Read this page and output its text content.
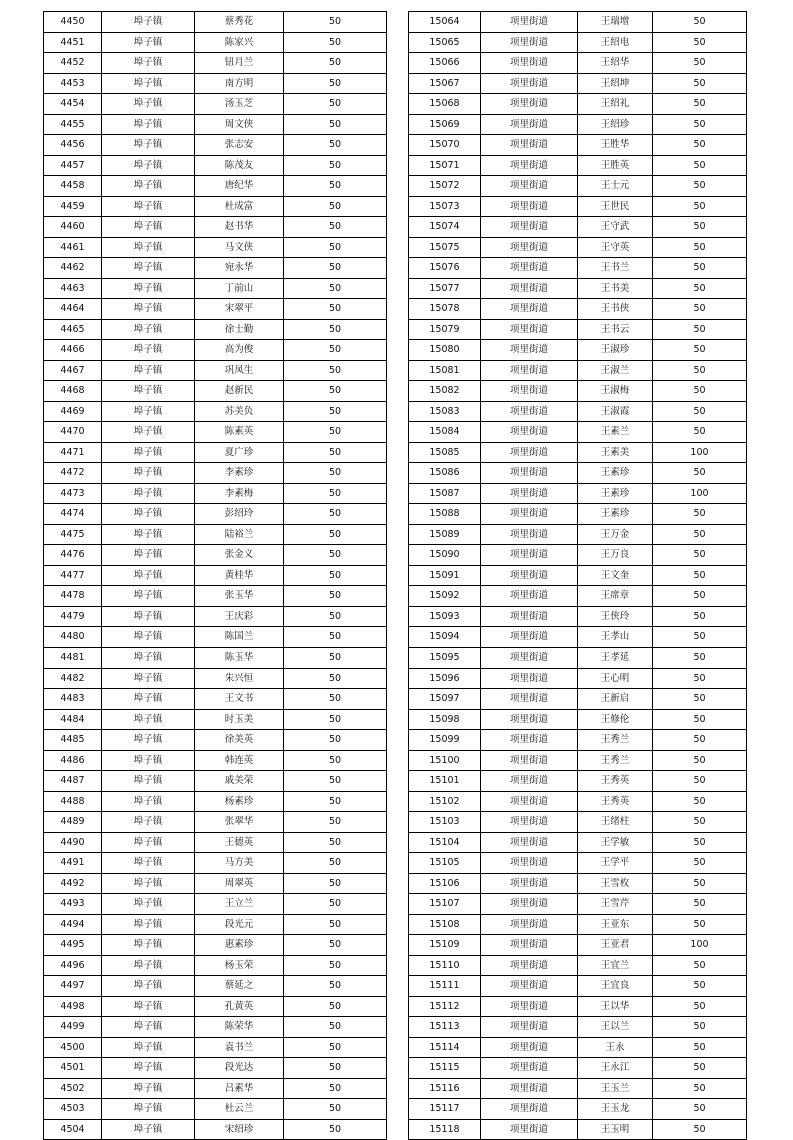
4450	埠子镇	蔡秀花	50
4451	埠子镇	陈家兴	50
4452	埠子镇	钮月兰	50
4453	埠子镇	南方明	50
4454	埠子镇	汤玉芝	50
4455	埠子镇	周文侠	50
4456	埠子镇	张志安	50
4457	埠子镇	陈茂友	50
4458	埠子镇	唐纪华	50
4459	埠子镇	杜成富	50
4460	埠子镇	赵书华	50
4461	埠子镇	马文侠	50
4462	埠子镇	宛永华	50
4463	埠子镇	丁前山	50
4464	埠子镇	宋翠平	50
4465	埠子镇	徐士勤	50
4466	埠子镇	高为俊	50
4467	埠子镇	巩凤生	50
4468	埠子镇	赵新民	50
4469	埠子镇	苏美负	50
4470	埠子镇	陈素英	50
4471	埠子镇	夏广珍	50
4472	埠子镇	李素珍	50
4473	埠子镇	李素梅	50
4474	埠子镇	彭绍玲	50
4475	埠子镇	陆裕兰	50
4476	埠子镇	张金义	50
4477	埠子镇	黄桂华	50
4478	埠子镇	张玉华	50
4479	埠子镇	王庆彩	50
4480	埠子镇	陈国兰	50
4481	埠子镇	陈玉华	50
4482	埠子镇	朱兴恒	50
4483	埠子镇	王文书	50
4484	埠子镇	时玉美	50
4485	埠子镇	徐美英	50
4486	埠子镇	韩连英	50
4487	埠子镇	戚美荣	50
4488	埠子镇	杨素珍	50
4489	埠子镇	张翠华	50
4490	埠子镇	王德英	50
4491	埠子镇	马方美	50
4492	埠子镇	周翠英	50
4493	埠子镇	王立兰	50
4494	埠子镇	段光元	50
4495	埠子镇	惠素珍	50
4496	埠子镇	杨玉荣	50
4497	埠子镇	蔡延之	50
4498	埠子镇	孔黄英	50
4499	埠子镇	陈荣华	50
4500	埠子镇	袁书兰	50
4501	埠子镇	段光达	50
4502	埠子镇	吕素华	50
4503	埠子镇	杜云兰	50
4504	埠子镇	宋绍珍	50
15064	项里街道	王瑞增	50
15065	项里街道	王绍电	50
15066	项里街道	王绍华	50
15067	项里街道	王绍坤	50
15068	项里街道	王绍礼	50
15069	项里街道	王绍珍	50
15070	项里街道	王胜华	50
15071	项里街道	王胜英	50
15072	项里街道	王士元	50
15073	项里街道	王世民	50
15074	项里街道	王守武	50
15075	项里街道	王守英	50
15076	项里街道	王书兰	50
15077	项里街道	王书美	50
15078	项里街道	王书侠	50
15079	项里街道	王书云	50
15080	项里街道	王淑珍	50
15081	项里街道	王淑兰	50
15082	项里街道	王淑梅	50
15083	项里街道	王淑霞	50
15084	项里街道	王素兰	50
15085	项里街道	王素美	100
15086	项里街道	王素珍	50
15087	项里街道	王素珍	100
15088	项里街道	王素珍	50
15089	项里街道	王万金	50
15090	项里街道	王万良	50
15091	项里街道	王文奎	50
15092	项里街道	王席章	50
15093	项里街道	王侠玲	50
15094	项里街道	王孝山	50
15095	项里街道	王孝延	50
15096	项里街道	王心明	50
15097	项里街道	王新启	50
15098	项里街道	王修伦	50
15099	项里街道	王秀兰	50
15100	项里街道	王秀兰	50
15101	项里街道	王秀英	50
15102	项里街道	王秀英	50
15103	项里街道	王绪柱	50
15104	项里街道	王学敏	50
15105	项里街道	王学平	50
15106	项里街道	王雪枚	50
15107	项里街道	王雪芹	50
15108	项里街道	王亚东	50
15109	项里街道	王亚君	100
15110	项里街道	王宜兰	50
15111	项里街道	王宜良	50
15112	项里街道	王以华	50
15113	项里街道	王以兰	50
15114	项里街道	王永	50
15115	项里街道	王永江	50
15116	项里街道	王玉兰	50
15117	项里街道	王玉龙	50
15118	项里街道	王玉明	50
